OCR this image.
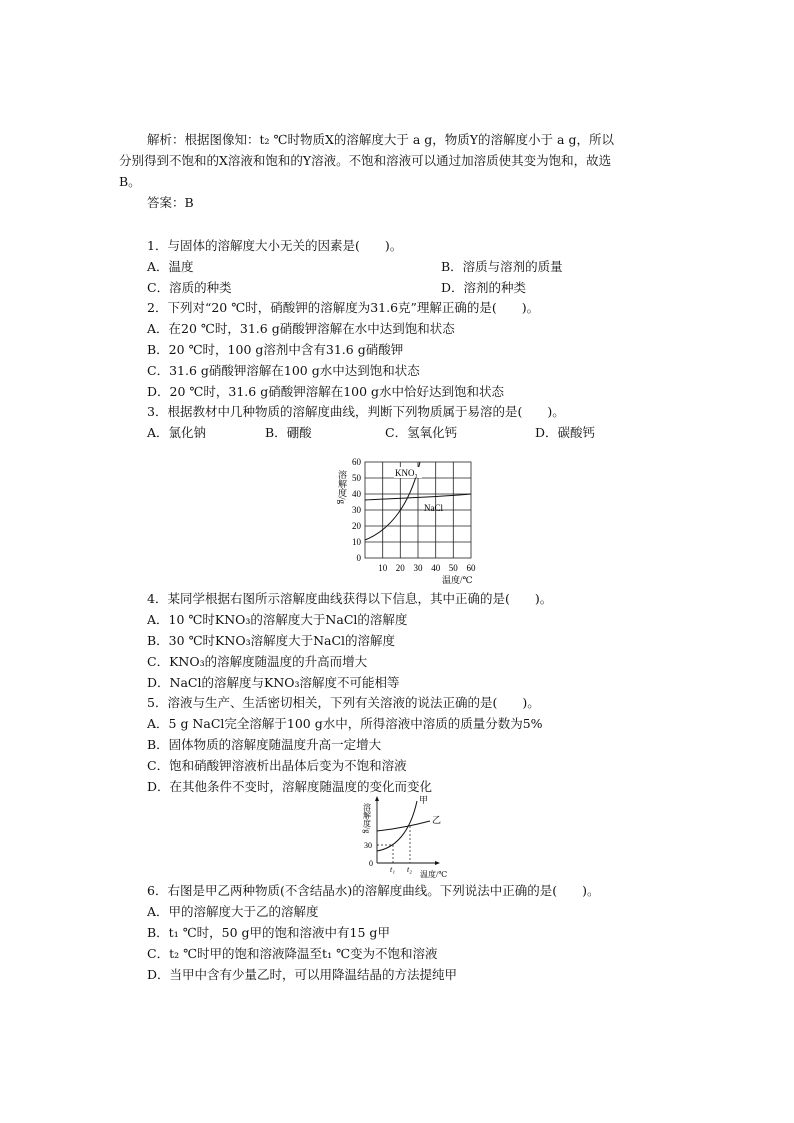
解析：根据图像知：t₂ ℃时物质X的溶解度大于 a g，物质Y的溶解度小于 a g，所以
分别得到不饱和的X溶液和饱和的Y溶液。不饱和溶液可以通过加溶质使其变为饱和，故选
B。
答案：B
1．与固体的溶解度大小无关的因素是(　　)。
A．温度	B．溶质与溶剂的质量
C．溶质的种类	D．溶剂的种类
2．下列对“20 ℃时，硝酸钾的溶解度为31.6克”理解正确的是(　　)。
A．在20 ℃时，31.6 g硝酸钾溶解在水中达到饱和状态
B．20 ℃时，100 g溶剂中含有31.6 g硝酸钾
C．31.6 g硝酸钾溶解在100 g水中达到饱和状态
D．20 ℃时，31.6 g硝酸钾溶解在100 g水中恰好达到饱和状态
3．根据教材中几种物质的溶解度曲线，判断下列物质属于易溶的是(　　)。
A．氯化钠	B．硼酸	C．氢氧化钙	D．碳酸钙
KNO₃
NaCl
60
50
40
30
20
10
0
10 20 30 40 50 60
温度/℃
溶解度/g
4．某同学根据右图所示溶解度曲线获得以下信息，其中正确的是(　　)。
A．10 ℃时KNO₃的溶解度大于NaCl的溶解度
B．30 ℃时KNO₃溶解度大于NaCl的溶解度
C．KNO₃的溶解度随温度的升高而增大
D．NaCl的溶解度与KNO₃溶解度不可能相等
5．溶液与生产、生活密切相关，下列有关溶液的说法正确的是(　　)。
A．5 g NaCl完全溶解于100 g水中，所得溶液中溶质的质量分数为5%
B．固体物质的溶解度随温度升高一定增大
C．饱和硝酸钾溶液析出晶体后变为不饱和溶液
D．在其他条件不变时，溶解度随温度的变化而变化
甲
乙
30
0
t₁ t₂
温度/℃
溶解度/g
6．右图是甲乙两种物质(不含结晶水)的溶解度曲线。下列说法中正确的是(　　)。
A．甲的溶解度大于乙的溶解度
B．t₁ ℃时，50 g甲的饱和溶液中有15 g甲
C．t₂ ℃时甲的饱和溶液降温至t₁ ℃变为不饱和溶液
D．当甲中含有少量乙时，可以用降温结晶的方法提纯甲
